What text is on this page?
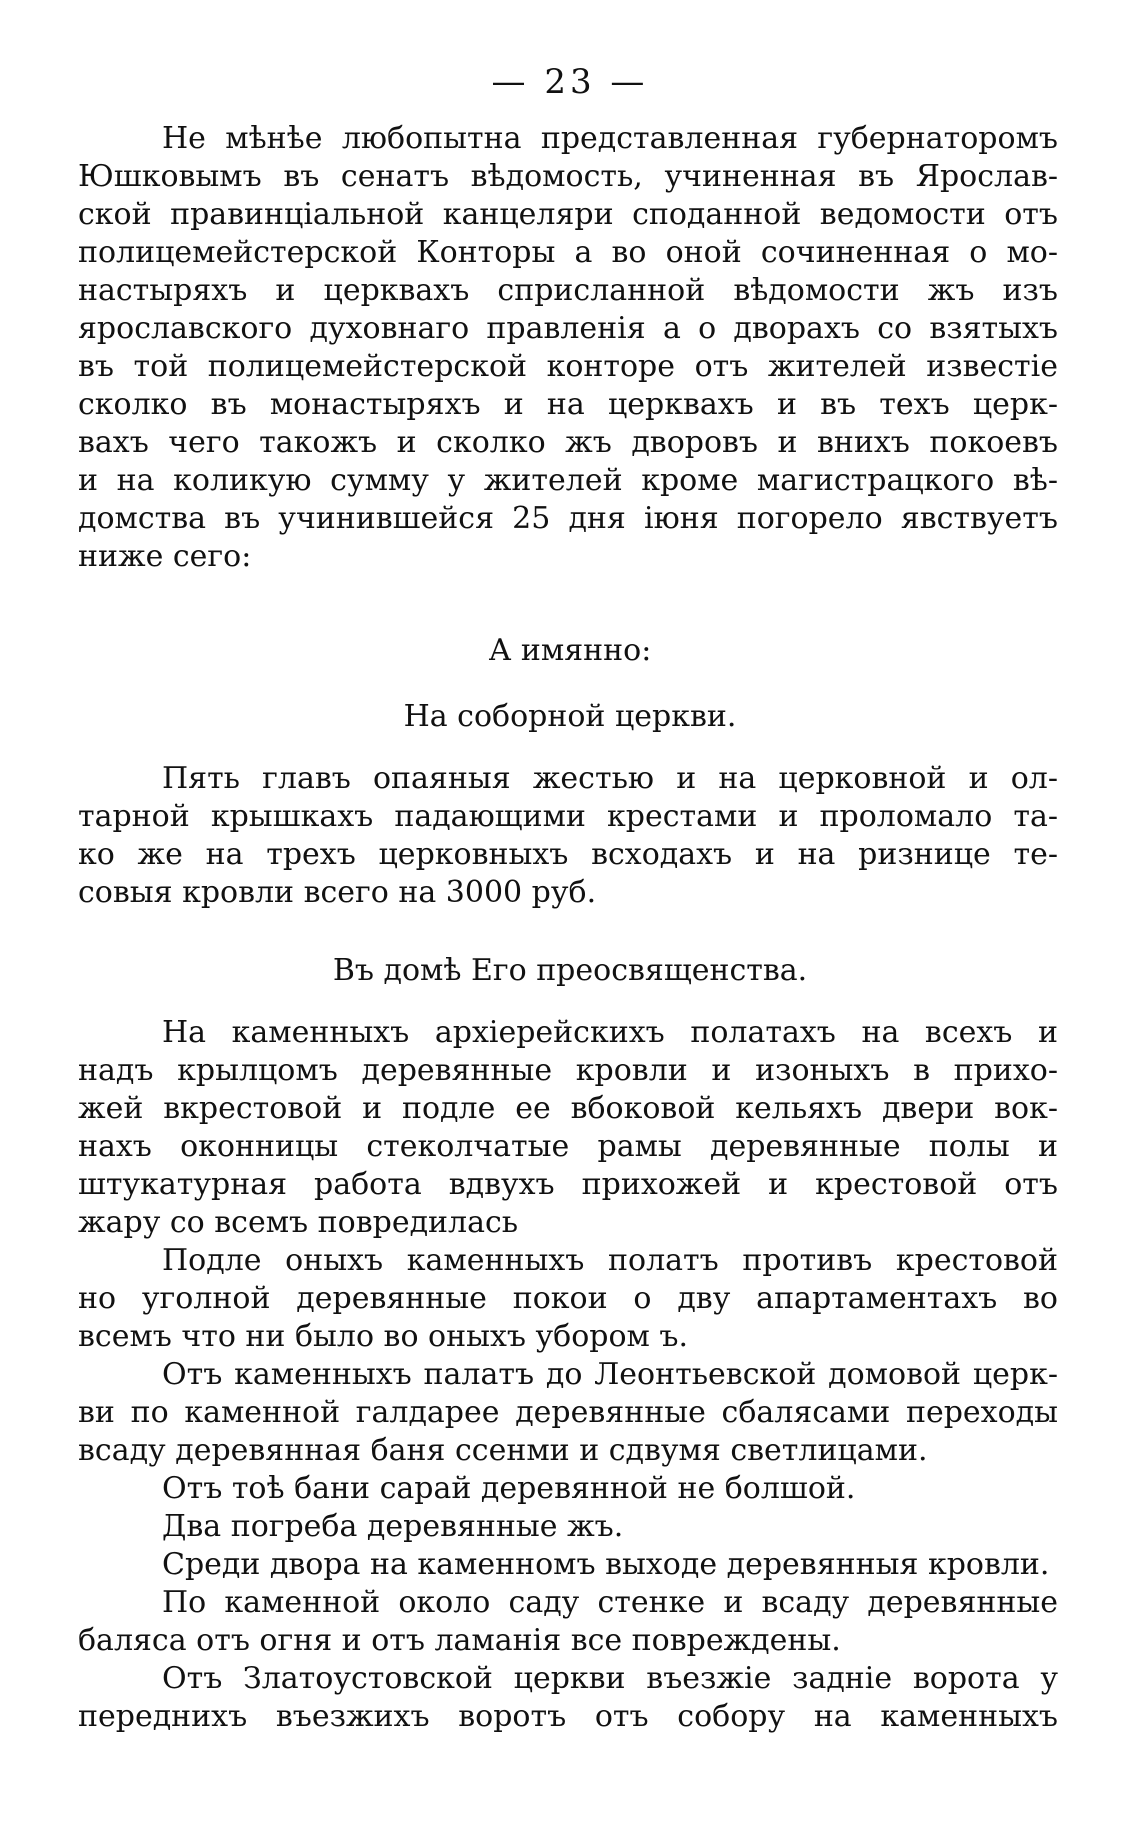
— 23 —
Не мѣнѣе любопытна представленная губернаторомъ
Юшковымъ въ сенатъ вѣдомость, учиненная въ Ярослав-
ской правинціальной канцеляри споданной ведомости отъ
полицемейстерской Конторы а во оной сочиненная о мо-
настыряхъ и церквахъ сприсланной вѣдомости жъ изъ
ярославского духовнаго правленія а о дворахъ со взятыхъ
въ той полицемейстерской конторе отъ жителей известіе
сколко въ монастыряхъ и на церквахъ и въ техъ церк-
вахъ чего такожъ и сколко жъ дворовъ и вниxъ покоевъ
и на коликую сумму у жителей кроме магистрацкого вѣ-
домства въ учинившейся 25 дня іюня погорело явствуетъ
ниже сего:
А имянно:
На соборной церкви.
Пять главъ опаяныя жестью и на церковной и ол-
тарной крышкахъ падающими крестами и проломало та-
ко же на трехъ церковныхъ всходахъ и на ризнице те-
совыя кровли всего на 3000 руб.
Въ домѣ Его преосвященства.
На каменныхъ архіерейскихъ полатахъ на всехъ и
надъ крылцомъ деревянные кровли и изоныхъ в прихо-
жей вкрестовой и подле ее вбоковой кельяхъ двери вок-
нахъ оконницы стеколчатые рамы деревянные полы и
штукатурная работа вдвухъ прихожей и крестовой отъ
жару со всемъ повредилась
Подле оныхъ каменныхъ полатъ противъ крестовой
но уголной деревянные покои о дву апартаментахъ во
всемъ что ни было во оныхъ убором ъ.
Отъ каменныхъ палатъ до Леонтьевской домовой церк-
ви по каменной галдарее деревянные сбалясами переходы
всаду деревянная баня ссенми и сдвумя светлицами.
Отъ тоѣ бани сарай деревянной не болшой.
Два погреба деревянные жъ.
Среди двора на каменномъ выходе деревянныя кровли.
По каменной около саду стенке и всаду деревянные
баляса отъ огня и отъ ламанія все повреждены.
Отъ Златоустовской церкви въезжіе задніе ворота у
переднихъ въезжихъ воротъ отъ собору на каменныхъ
